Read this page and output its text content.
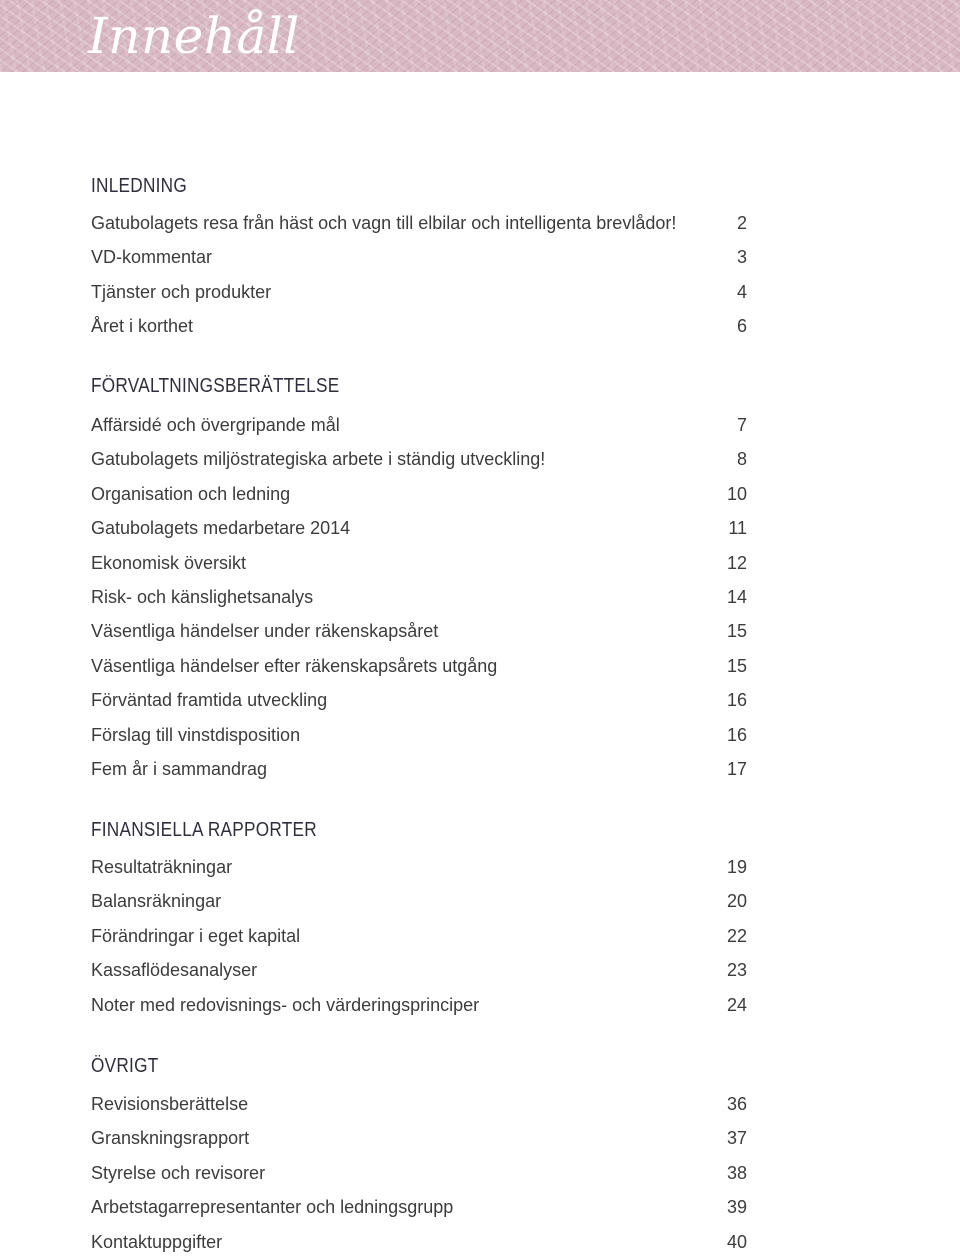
Innehåll
INLEDNING
Gatubolagets resa från häst och vagn till elbilar och intelligenta brevlådor!	2
VD-kommentar	3
Tjänster och produkter	4
Året i korthet	6
FÖRVALTNINGSBERÄTTELSE
Affärsidé och övergripande mål	7
Gatubolagets miljöstrategiska arbete i ständig utveckling!	8
Organisation och ledning	10
Gatubolagets medarbetare 2014	11
Ekonomisk översikt	12
Risk- och känslighetsanalys	14
Väsentliga händelser under räkenskapsåret	15
Väsentliga händelser efter räkenskapsårets utgång	15
Förväntad framtida utveckling	16
Förslag till vinstdisposition	16
Fem år i sammandrag	17
FINANSIELLA RAPPORTER
Resultaträkningar	19
Balansräkningar	20
Förändringar i eget kapital	22
Kassaflödesanalyser	23
Noter med redovisnings- och värderingsprinciper	24
ÖVRIGT
Revisionsberättelse	36
Granskningsrapport	37
Styrelse och revisorer	38
Arbetstagarrepresentanter och ledningsgrupp	39
Kontaktuppgifter	40
